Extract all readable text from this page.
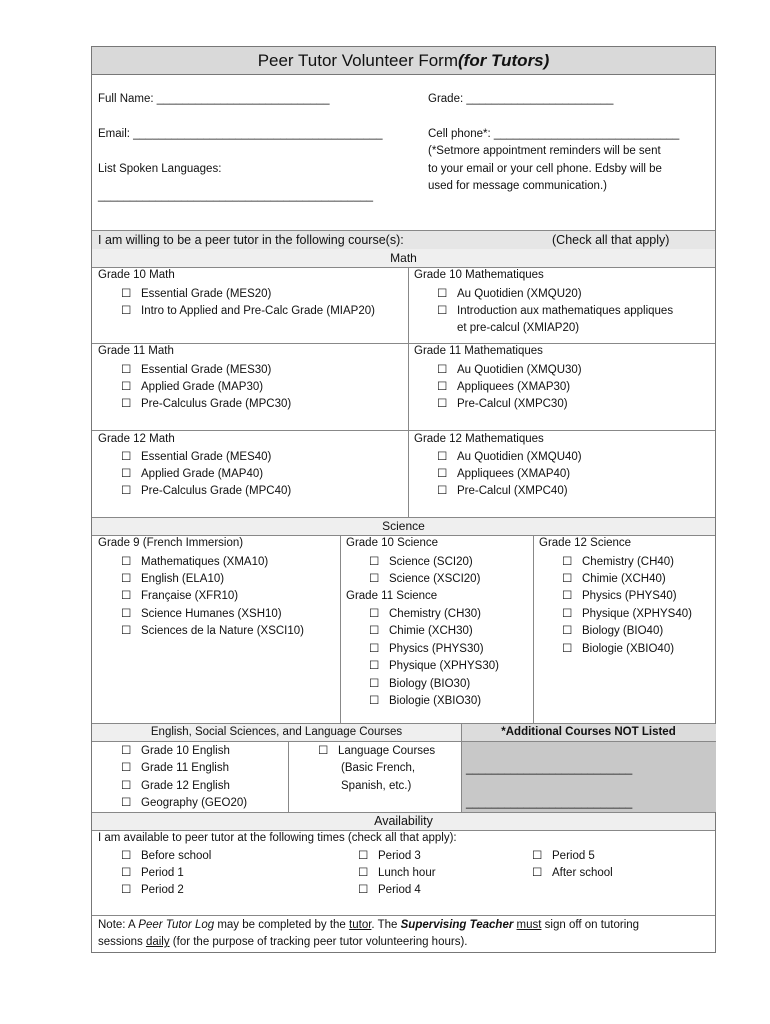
Peer Tutor Volunteer Form (for Tutors)
Full Name: ___________________________	Grade: _______________________
Email: _______________________________________	Cell phone*: _____________________________
(*Setmore appointment reminders will be sent
to your email or your cell phone. Edsby will be
used for message communication.)
List Spoken Languages:
___________________________________________
I am willing to be a peer tutor in the following course(s):	(Check all that apply)
Math
Grade 10 Math
☐ Essential Grade (MES20)
☐ Intro to Applied and Pre-Calc Grade (MIAP20)
Grade 10 Mathematiques
☐ Au Quotidien (XMQU20)
☐ Introduction aux mathematiques appliques
et pre-calcul (XMIAP20)
Grade 11 Math
☐ Essential Grade (MES30)
☐ Applied Grade (MAP30)
☐ Pre-Calculus Grade (MPC30)
Grade 11 Mathematiques
☐ Au Quotidien (XMQU30)
☐ Appliquees (XMAP30)
☐ Pre-Calcul (XMPC30)
Grade 12 Math
☐ Essential Grade (MES40)
☐ Applied Grade (MAP40)
☐ Pre-Calculus Grade (MPC40)
Grade 12 Mathematiques
☐ Au Quotidien (XMQU40)
☐ Appliquees (XMAP40)
☐ Pre-Calcul (XMPC40)
Science
Grade 9 (French Immersion)
☐ Mathematiques (XMA10)
☐ English (ELA10)
☐ Française (XFR10)
☐ Science Humanes (XSH10)
☐ Sciences de la Nature (XSCI10)
Grade 10 Science
☐ Science (SCI20)
☐ Science (XSCI20)
Grade 11 Science
☐ Chemistry (CH30)
☐ Chimie (XCH30)
☐ Physics (PHYS30)
☐ Physique (XPHYS30)
☐ Biology (BIO30)
☐ Biologie (XBIO30)
Grade 12 Science
☐ Chemistry (CH40)
☐ Chimie (XCH40)
☐ Physics (PHYS40)
☐ Physique (XPHYS40)
☐ Biology (BIO40)
☐ Biologie (XBIO40)
English, Social Sciences, and Language Courses	*Additional Courses NOT Listed
☐ Grade 10 English
☐ Grade 11 English
☐ Grade 12 English
☐ Geography (GEO20)
☐ Language Courses
(Basic French,
Spanish, etc.)
__________________________
__________________________
Availability
I am available to peer tutor at the following times (check all that apply):
☐ Before school
☐ Period 1
☐ Period 2
☐ Period 3
☐ Lunch hour
☐ Period 4
☐ Period 5
☐ After school
Note: A Peer Tutor Log may be completed by the tutor. The Supervising Teacher must sign off on tutoring
sessions daily (for the purpose of tracking peer tutor volunteering hours).
